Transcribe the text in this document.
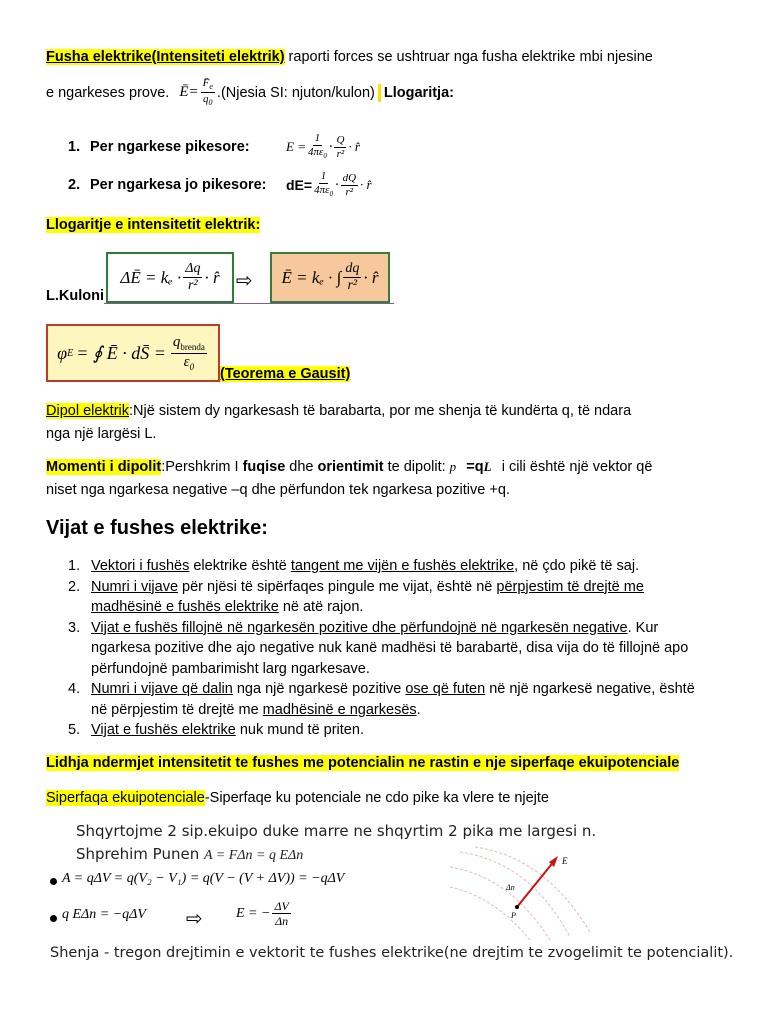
Fusha elektrike(Intensiteti elektrik) raporti forces se ushtruar nga fusha elektrike mbi njesine
e ngarkeses prove. Ē= $\frac{F̄_e}{q_0}$ .(Njesia SI: njuton/kulon) Llogaritja:
1. Per ngarkese pikesore:	$E = \frac{1}{4\pi\varepsilon_0} \cdot \frac{Q}{\text{r²}}$ · r̂
2. Per ngarkesa jo pikesore:	$dE= \frac{1}{4\pi\varepsilon_0} \cdot \frac{dQ}{\text{r²}}$ · r̂
Llogaritje e intensitetit elektrik:
L.Kuloni
ΔĒ = $k_e \cdot \frac{\Delta q}{\text{r²}}$ · r̂ ⇨ Ē = kₑ · ∫ $\frac{dq}{\text{r²}}$ · r̂
φ E = ∮ Ē · dS̄ = $\frac{q_{brenda}}{\varepsilon_0}$
(Teorema e Gausit)
Dipol elektrik:Një sistem dy ngarkesash të barabarta, por me shenja të kundërta q, të ndara
nga një largësi L.
Momenti i dipolit:Pershkrim I fuqise dhe orientimit te dipolit: p⃗=qL⃗i cili është një vektor që
niset nga ngarkesa negative –q dhe përfundon tek ngarkesa pozitive +q.
Vijat e fushes elektrike:
1. Vektori i fushës elektrike është tangent me vijën e fushës elektrike, në çdo pikë të saj.
2. Numri i vijave për njësi të sipërfaqes pingule me vijat, është në përpjestim të drejtë me
madhësinë e fushës elektrike në atë rajon.
3. Vijat e fushës fillojnë në ngarkesën pozitive dhe përfundojnë në ngarkesën negative. Kur
ngarkesa pozitive dhe ajo negative nuk kanë madhësi të barabartë, disa vija do të fillojnë apo
përfundojnë pambarimisht larg ngarkesave.
4. Numri i vijave që dalin nga një ngarkesë pozitive ose që futen në një ngarkesë negative, është
në përpjestim të drejtë me madhësinë e ngarkesës.
5. Vijat e fushës elektrike nuk mund të priten.
Lidhja ndermjet intensitetit te fushes me potencialin ne rastin e nje siperfaqe ekuipotenciale
Siperfaqa ekuipotenciale-Siperfaqe ku potenciale ne cdo pike ka vlere te njejte
Shqyrtojme 2 sip.ekuipo duke marre ne shqyrtim 2 pika me largesi n.
Shprehim Punen A = FΔn = q EΔn
A = qΔV = q(V₂ − V₁) = q(V − (V + ΔV)) = −qΔV
q EΔn = −qΔV ⇨ E = − $\frac{\Delta V}{\Delta n}$
Shenja - tregon drejtimin e vektorit te fushes elektrike(ne drejtim te zvogelimit te potencialit).
E
Δn
P
